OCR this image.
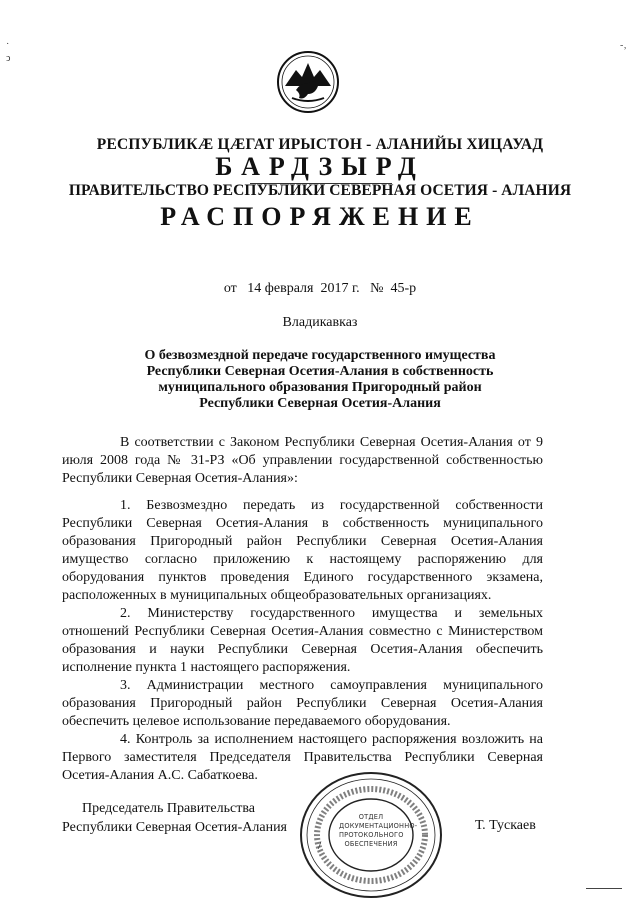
РЕСПУБЛИКÆ ЦÆГАТ ИРЫСТОН - АЛАНИЙЫ ХИЦАУАД
БАРДЗЫРД
ПРАВИТЕЛЬСТВО РЕСПУБЛИКИ СЕВЕРНАЯ ОСЕТИЯ - АЛАНИЯ
РАСПОРЯЖЕНИЕ
от   14 февраля  2017 г.   №  45-р
Владикавказ
О безвозмездной передаче государственного имущества
Республики Северная Осетия-Алания в собственность
муниципального образования Пригородный район
Республики Северная Осетия-Алания
В соответствии с Законом Республики Северная Осетия-Алания от 9 июля 2008 года № 31-РЗ «Об управлении государственной собственностью Республики Северная Осетия-Алания»:
1. Безвозмездно передать из государственной собственности Республики Северная Осетия-Алания в собственность муниципального образования Пригородный район Республики Северная Осетия-Алания имущество согласно приложению к настоящему распоряжению для оборудования пунктов проведения Единого государственного экзамена, расположенных в муниципальных общеобразовательных организациях.
2. Министерству государственного имущества и земельных отношений Республики Северная Осетия-Алания совместно с Министерством образования и науки Республики Северная Осетия-Алания обеспечить исполнение пункта 1 настоящего распоряжения.
3. Администрации местного самоуправления муниципального образования Пригородный район Республики Северная Осетия-Алания обеспечить целевое использование передаваемого оборудования.
4. Контроль за исполнением настоящего распоряжения возложить на Первого заместителя Председателя Правительства Республики Северная Осетия-Алания А.С. Сабаткоева.
Председатель Правительства
Республики Северная Осетия-Алания
ОТДЕЛ
ДОКУМЕНТАЦИОННО-
ПРОТОКОЛЬНОГО
ОБЕСПЕЧЕНИЯ
Т. Тускаев
˙
ↄ
-‚
/
